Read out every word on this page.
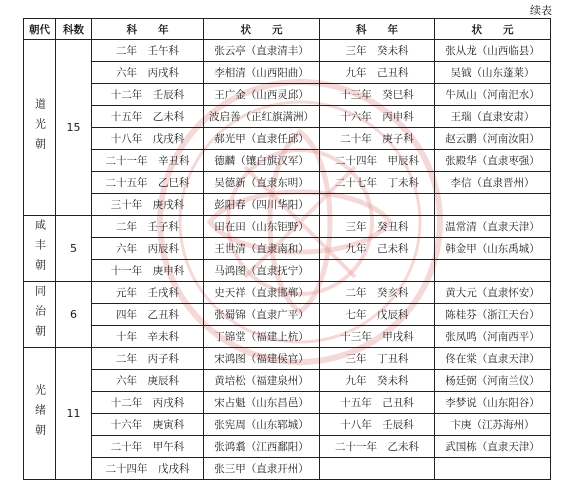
续表
朝代	科数	科　　年	状　　元	科　　年	状　　元
道光朝	15	二年　壬午科	张云亭（直隶清丰）	三年　癸未科	张从龙（山西临县）
		六年　丙戌科	李相清（山西阳曲）	九年　己丑科	吴钺（山东蓬莱）
		十二年　壬辰科	王广金（山西灵邱）	十三年　癸巳科	牛凤山（河南汜水）
		十五年　乙未科	波启善（正红旗满洲）	十六年　丙申科	王瑞（直隶安肃）
		十八年　戊戌科	郝光甲（直隶任邱）	二十年　庚子科	赵云鹏（河南汝阳）
		二十一年　辛丑科	德麟（镶白旗汉军）	二十四年　甲辰科	张殿华（直隶枣强）
		二十五年　乙巳科	吴德新（直隶东明）	二十七年　丁未科	李信（直隶晋州）
		三十年　庚戌科	彭阳春（四川华阳）		
咸丰朝	5	二年　壬子科	田在田（山东钜野）	三年　癸丑科	温常清（直隶天津）
		六年　丙辰科	王世清（直隶南和）	九年　己未科	韩金甲（山东禹城）
		十一年　庚申科	马鸿图（直隶抚宁）		
同治朝	6	元年　壬戌科	史天祥（直隶邯郸）	二年　癸亥科	黄大元（直隶怀安）
		四年　乙丑科	张蜀锦（直隶广平）	七年　戊辰科	陈桂芬（浙江天台）
		十年　辛未科	丁锦堂（福建上杭）	十三年　甲戌科	张凤鸣（河南西平）
光绪朝	11	二年　丙子科	宋鸿图（福建侯官）	三年　丁丑科	佟在棠（直隶天津）
		六年　庚辰科	黄培松（福建泉州）	九年　癸未科	杨廷弼（河南兰仪）
		十二年　丙戌科	宋占魁（山东昌邑）	十五年　己丑科	李梦说（山东阳谷）
		十六年　庚寅科	张宪周（山东郓城）	十八年　壬辰科	卞庚（江苏海州）
		二十年　甲午科	张鸿翥（江西鄱阳）	二十一年　乙未科	武国栋（直隶天津）
		二十四年　戊戌科	张三甲（直隶开州）		
